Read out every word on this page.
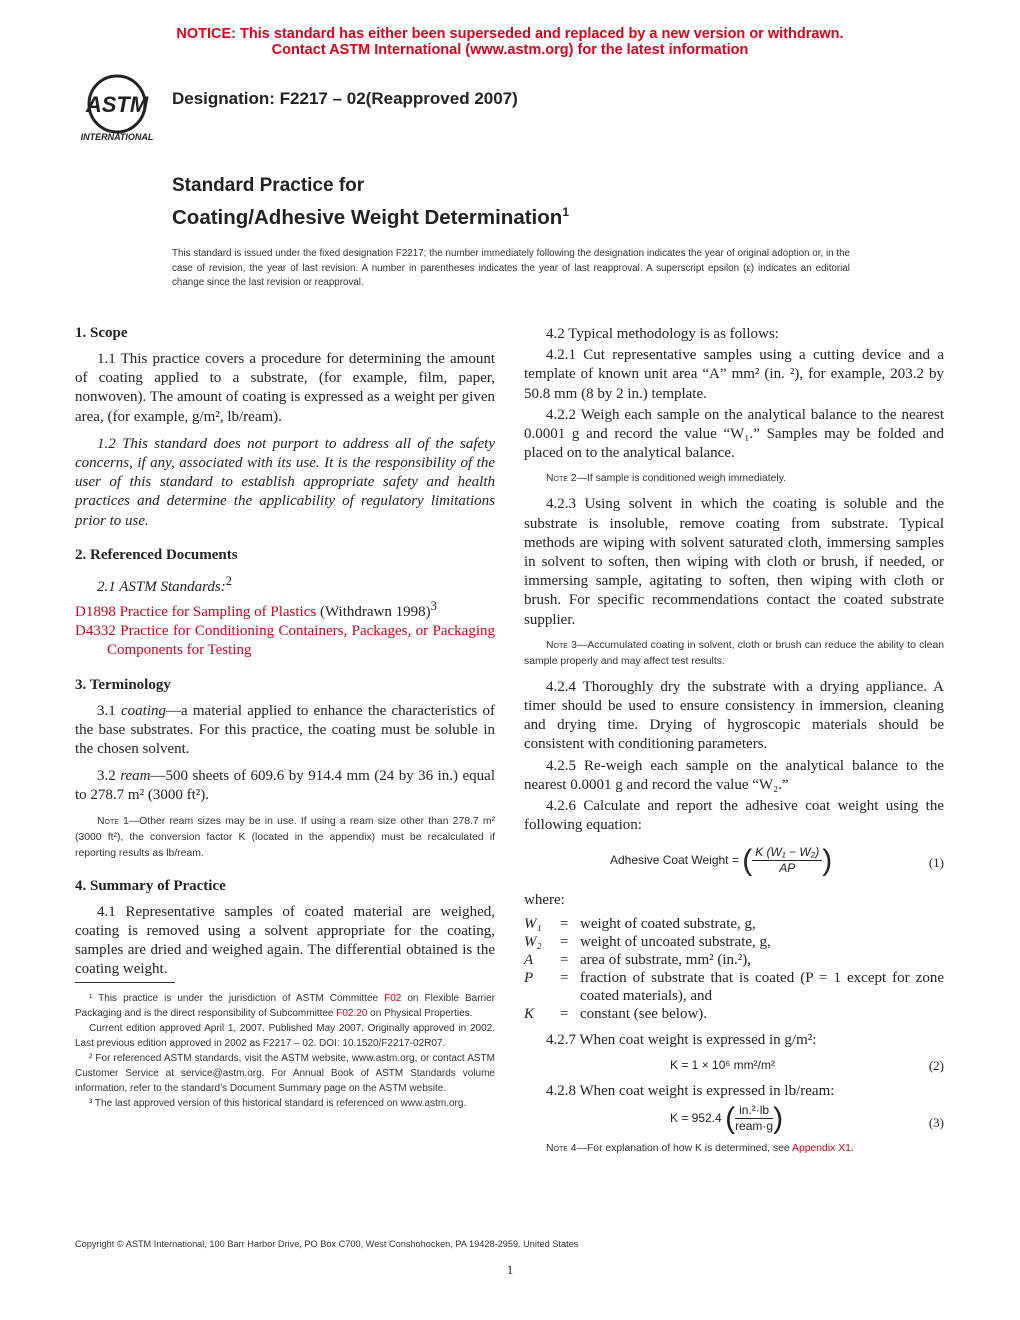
NOTICE: This standard has either been superseded and replaced by a new version or withdrawn.
Contact ASTM International (www.astm.org) for the latest information
ASTM
INTERNATIONAL
Designation: F2217 – 02(Reapproved 2007)
Standard Practice for
Coating/Adhesive Weight Determination$^1$
This standard is issued under the fixed designation F2217; the number immediately following the designation indicates the year of original adoption or, in the case of revision, the year of last revision. A number in parentheses indicates the year of last reapproval. A superscript epsilon (ε) indicates an editorial change since the last revision or reapproval.
1. Scope

1.1 This practice covers a procedure for determining the amount of coating applied to a substrate, (for example, film, paper, nonwoven). The amount of coating is expressed as a weight per given area, (for example, g/m², lb/ream).

1.2 This standard does not purport to address all of the safety concerns, if any, associated with its use. It is the responsibility of the user of this standard to establish appropriate safety and health practices and determine the applicability of regulatory limitations prior to use.

2. Referenced Documents

2.1 ASTM Standards:$^2$

D1898 Practice for Sampling of Plastics (Withdrawn 1998)$^3$
D4332 Practice for Conditioning Containers, Packages, or Packaging Components for Testing
3. Terminology

3.1 coating—a material applied to enhance the characteristics of the base substrates. For this practice, the coating must be soluble in the chosen solvent.

3.2 ream—500 sheets of 609.6 by 914.4 mm (24 by 36 in.) equal to 278.7 m² (3000 ft²).

Note 1—Other ream sizes may be in use. If using a ream size other than 278.7 m² (3000 ft²), the conversion factor K (located in the appendix) must be recalculated if reporting results as lb/ream.

4. Summary of Practice

4.1 Representative samples of coated material are weighed, coating is removed using a solvent appropriate for the coating, samples are dried and weighed again. The differential obtained is the coating weight.

4.2 Typical methodology is as follows:

4.2.1 Cut representative samples using a cutting device and a template of known unit area “A” mm² (in. ²), for example, 203.2 by 50.8 mm (8 by 2 in.) template.

4.2.2 Weigh each sample on the analytical balance to the nearest 0.0001 g and record the value “W₁.” Samples may be folded and placed on to the analytical balance.

Note 2—If sample is conditioned weigh immediately.

4.2.3 Using solvent in which the coating is soluble and the substrate is insoluble, remove coating from substrate. Typical methods are wiping with solvent saturated cloth, immersing samples in solvent to soften, then wiping with cloth or brush, if needed, or immersing sample, agitating to soften, then wiping with cloth or brush. For specific recommendations contact the coated substrate supplier.

Note 3—Accumulated coating in solvent, cloth or brush can reduce the ability to clean sample properly and may affect test results.

4.2.4 Thoroughly dry the substrate with a drying appliance. A timer should be used to ensure consistency in immersion, cleaning and drying time. Drying of hygroscopic materials should be consistent with conditioning parameters.

4.2.5 Re-weigh each sample on the analytical balance to the nearest 0.0001 g and record the value “W₂.”

4.2.6 Calculate and report the adhesive coat weight using the following equation:

Adhesive Coat Weight = ( $\frac{\text{K (W₁ − W₂)}}{AP}$ )	(1)

where:

W₁	= weight of coated substrate, g,
W₂	= weight of uncoated substrate, g,
A	= area of substrate, mm² (in.²),
P	= fraction of substrate that is coated (P = 1 except for zone coated materials), and
K	= constant (see below).

4.2.7 When coat weight is expressed in g/m²:

K = 1 × 10⁶ mm²/m²	(2)

4.2.8 When coat weight is expressed in lb/ream:

K = 952.4 ( $\frac{\text{in.²·lb}}{\text{ream·g}}$ )	(3)

Note 4—For explanation of how K is determined, see Appendix X1.

¹ This practice is under the jurisdiction of ASTM Committee F02 on Flexible Barrier Packaging and is the direct responsibility of Subcommittee F02.20 on Physical Properties.

Current edition approved April 1, 2007. Published May 2007. Originally approved in 2002. Last previous edition approved in 2002 as F2217 – 02. DOI: 10.1520/F2217-02R07.

² For referenced ASTM standards, visit the ASTM website, www.astm.org, or contact ASTM Customer Service at service@astm.org. For Annual Book of ASTM Standards volume information, refer to the standard’s Document Summary page on the ASTM website.

³ The last approved version of this historical standard is referenced on www.astm.org.

Copyright © ASTM International, 100 Barr Harbor Drive, PO Box C700, West Conshohocken, PA 19428-2959. United States
1
